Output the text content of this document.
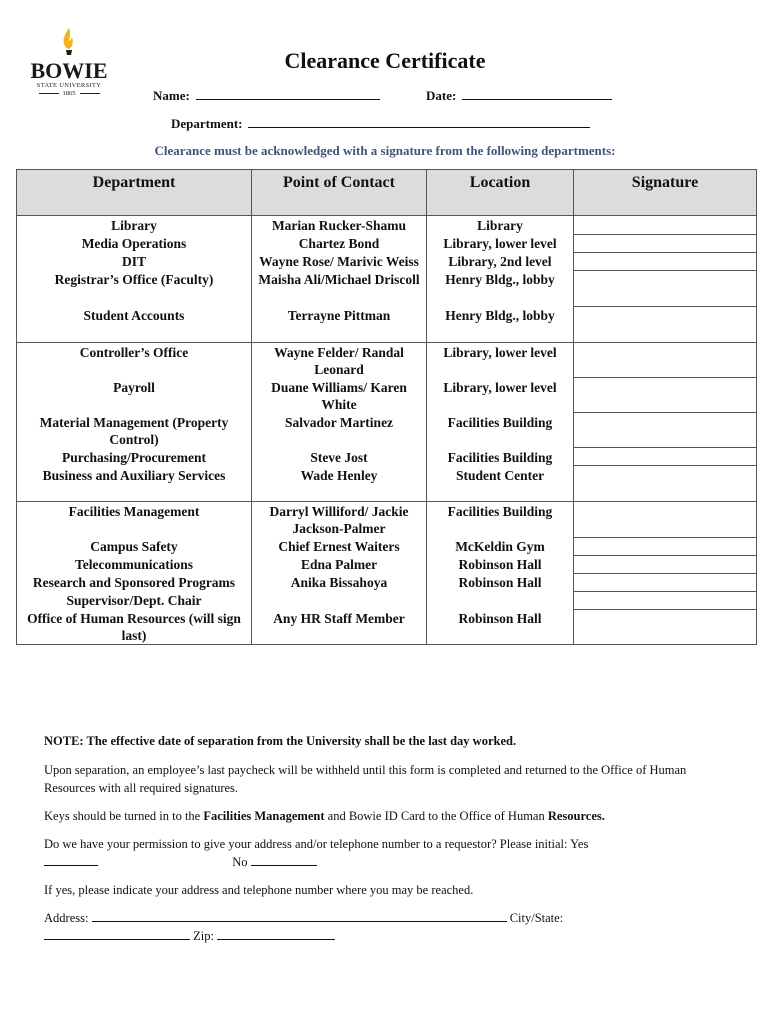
BOWIE
STATE UNIVERSITY
1865
Clearance Certificate
Name:	Date:
Department:
Clearance must be acknowledged with a signature from the following departments:
Department	Point of Contact	Location	Signature
Library	Marian Rucker-Shamu	Library	
Media Operations	Chartez Bond	Library, lower level	
DIT	Wayne Rose/ Marivic Weiss	Library, 2nd level	
Registrar’s Office (Faculty)	Maisha Ali/Michael Driscoll	Henry Bldg., lobby	
Student Accounts	Terrayne Pittman	Henry Bldg., lobby	
Controller’s Office	Wayne Felder/ Randal Leonard	Library, lower level	
Payroll	Duane Williams/ Karen White	Library, lower level	
Material Management (Property Control)	Salvador Martinez	Facilities Building	
Purchasing/Procurement	Steve Jost	Facilities Building	
Business and Auxiliary Services	Wade Henley	Student Center	
Facilities Management	Darryl Williford/ Jackie Jackson-Palmer	Facilities Building	
Campus Safety	Chief Ernest Waiters	McKeldin Gym	
Telecommunications	Edna Palmer	Robinson Hall	
Research and Sponsored Programs	Anika Bissahoya	Robinson Hall	
Supervisor/Dept. Chair			
Office of Human Resources (will sign last)	Any HR Staff Member	Robinson Hall	

NOTE: The effective date of separation from the University shall be the last day worked.

Upon separation, an employee’s last paycheck will be withheld until this form is completed and returned to the Office of Human Resources with all required signatures.

Keys should be turned in to the Facilities Management and Bowie ID Card to the Office of Human Resources.

Do we have your permission to give your address and/or telephone number to a requestor? Please initial: Yes

No

If yes, please indicate your address and telephone number where you may be reached.

Address:	City/State:

Zip:
